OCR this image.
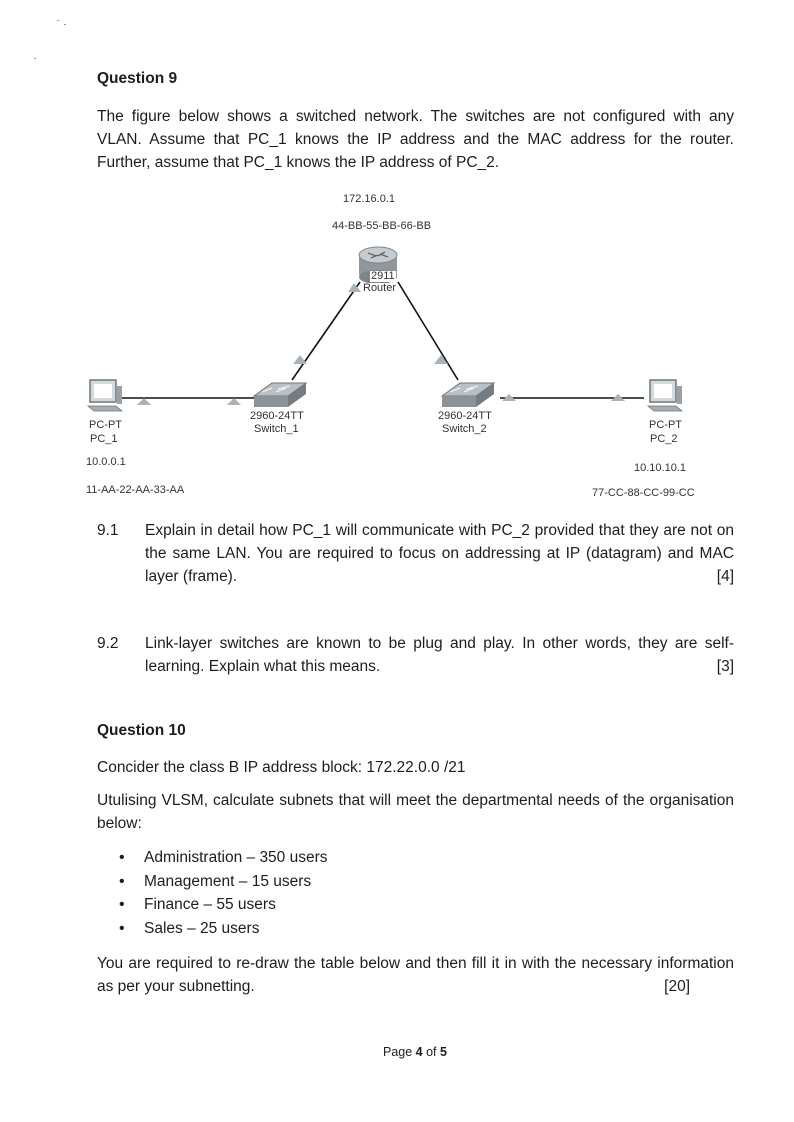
Question 9
The figure below shows a switched network. The switches are not configured with any VLAN. Assume that PC_1 knows the IP address and the MAC address for the router. Further, assume that PC_1 knows the IP address of PC_2.
172.16.0.1
44-BB-55-BB-66-BB
2911
Router
2960-24TT
Switch_1
2960-24TT
Switch_2
PC-PT
PC_1
10.0.0.1
11-AA-22-AA-33-AA
PC-PT
PC_2
10.10.10.1
77-CC-88-CC-99-CC
9.1	Explain in detail how PC_1 will communicate with PC_2 provided that they are not on the same LAN. You are required to focus on addressing at IP (datagram) and MAC layer (frame).	[4]
9.2	Link-layer switches are known to be plug and play. In other words, they are self-learning. Explain what this means.	[3]
Question 10
Concider the class B IP address block: 172.22.0.0 /21
Utulising VLSM, calculate subnets that will meet the departmental needs of the organisation below:
• Administration – 350 users
• Management – 15 users
• Finance – 55 users
• Sales – 25 users
You are required to re-draw the table below and then fill it in with the necessary information as per your subnetting.	[20]
Page 4 of 5
